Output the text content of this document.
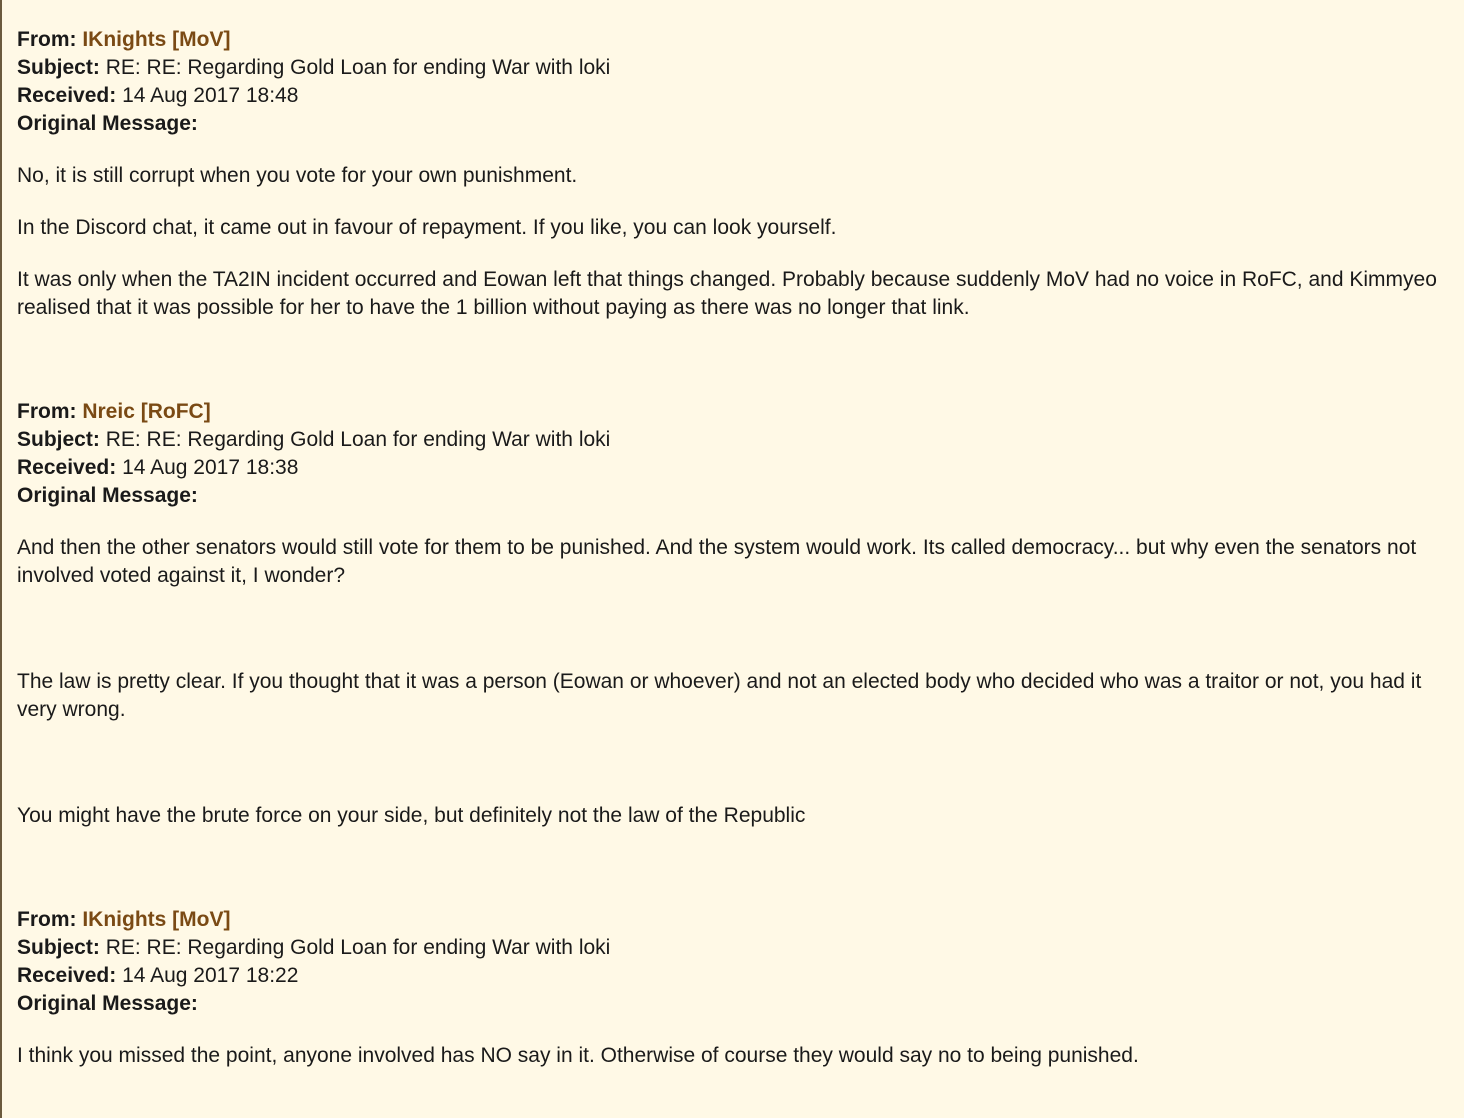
From: IKnights [MoV]
Subject: RE: RE: Regarding Gold Loan for ending War with loki
Received: 14 Aug 2017 18:48
Original Message:

No, it is still corrupt when you vote for your own punishment.

In the Discord chat, it came out in favour of repayment. If you like, you can look yourself.

It was only when the TA2IN incident occurred and Eowan left that things changed. Probably because suddenly MoV had no voice in RoFC, and Kimmyeo realised that it was possible for her to have the 1 billion without paying as there was no longer that link.

From: Nreic [RoFC]
Subject: RE: RE: Regarding Gold Loan for ending War with loki
Received: 14 Aug 2017 18:38
Original Message:

And then the other senators would still vote for them to be punished. And the system would work. Its called democracy... but why even the senators not involved voted against it, I wonder?

The law is pretty clear. If you thought that it was a person (Eowan or whoever) and not an elected body who decided who was a traitor or not, you had it very wrong.

You might have the brute force on your side, but definitely not the law of the Republic

From: IKnights [MoV]
Subject: RE: RE: Regarding Gold Loan for ending War with loki
Received: 14 Aug 2017 18:22
Original Message:

I think you missed the point, anyone involved has NO say in it. Otherwise of course they would say no to being punished.
